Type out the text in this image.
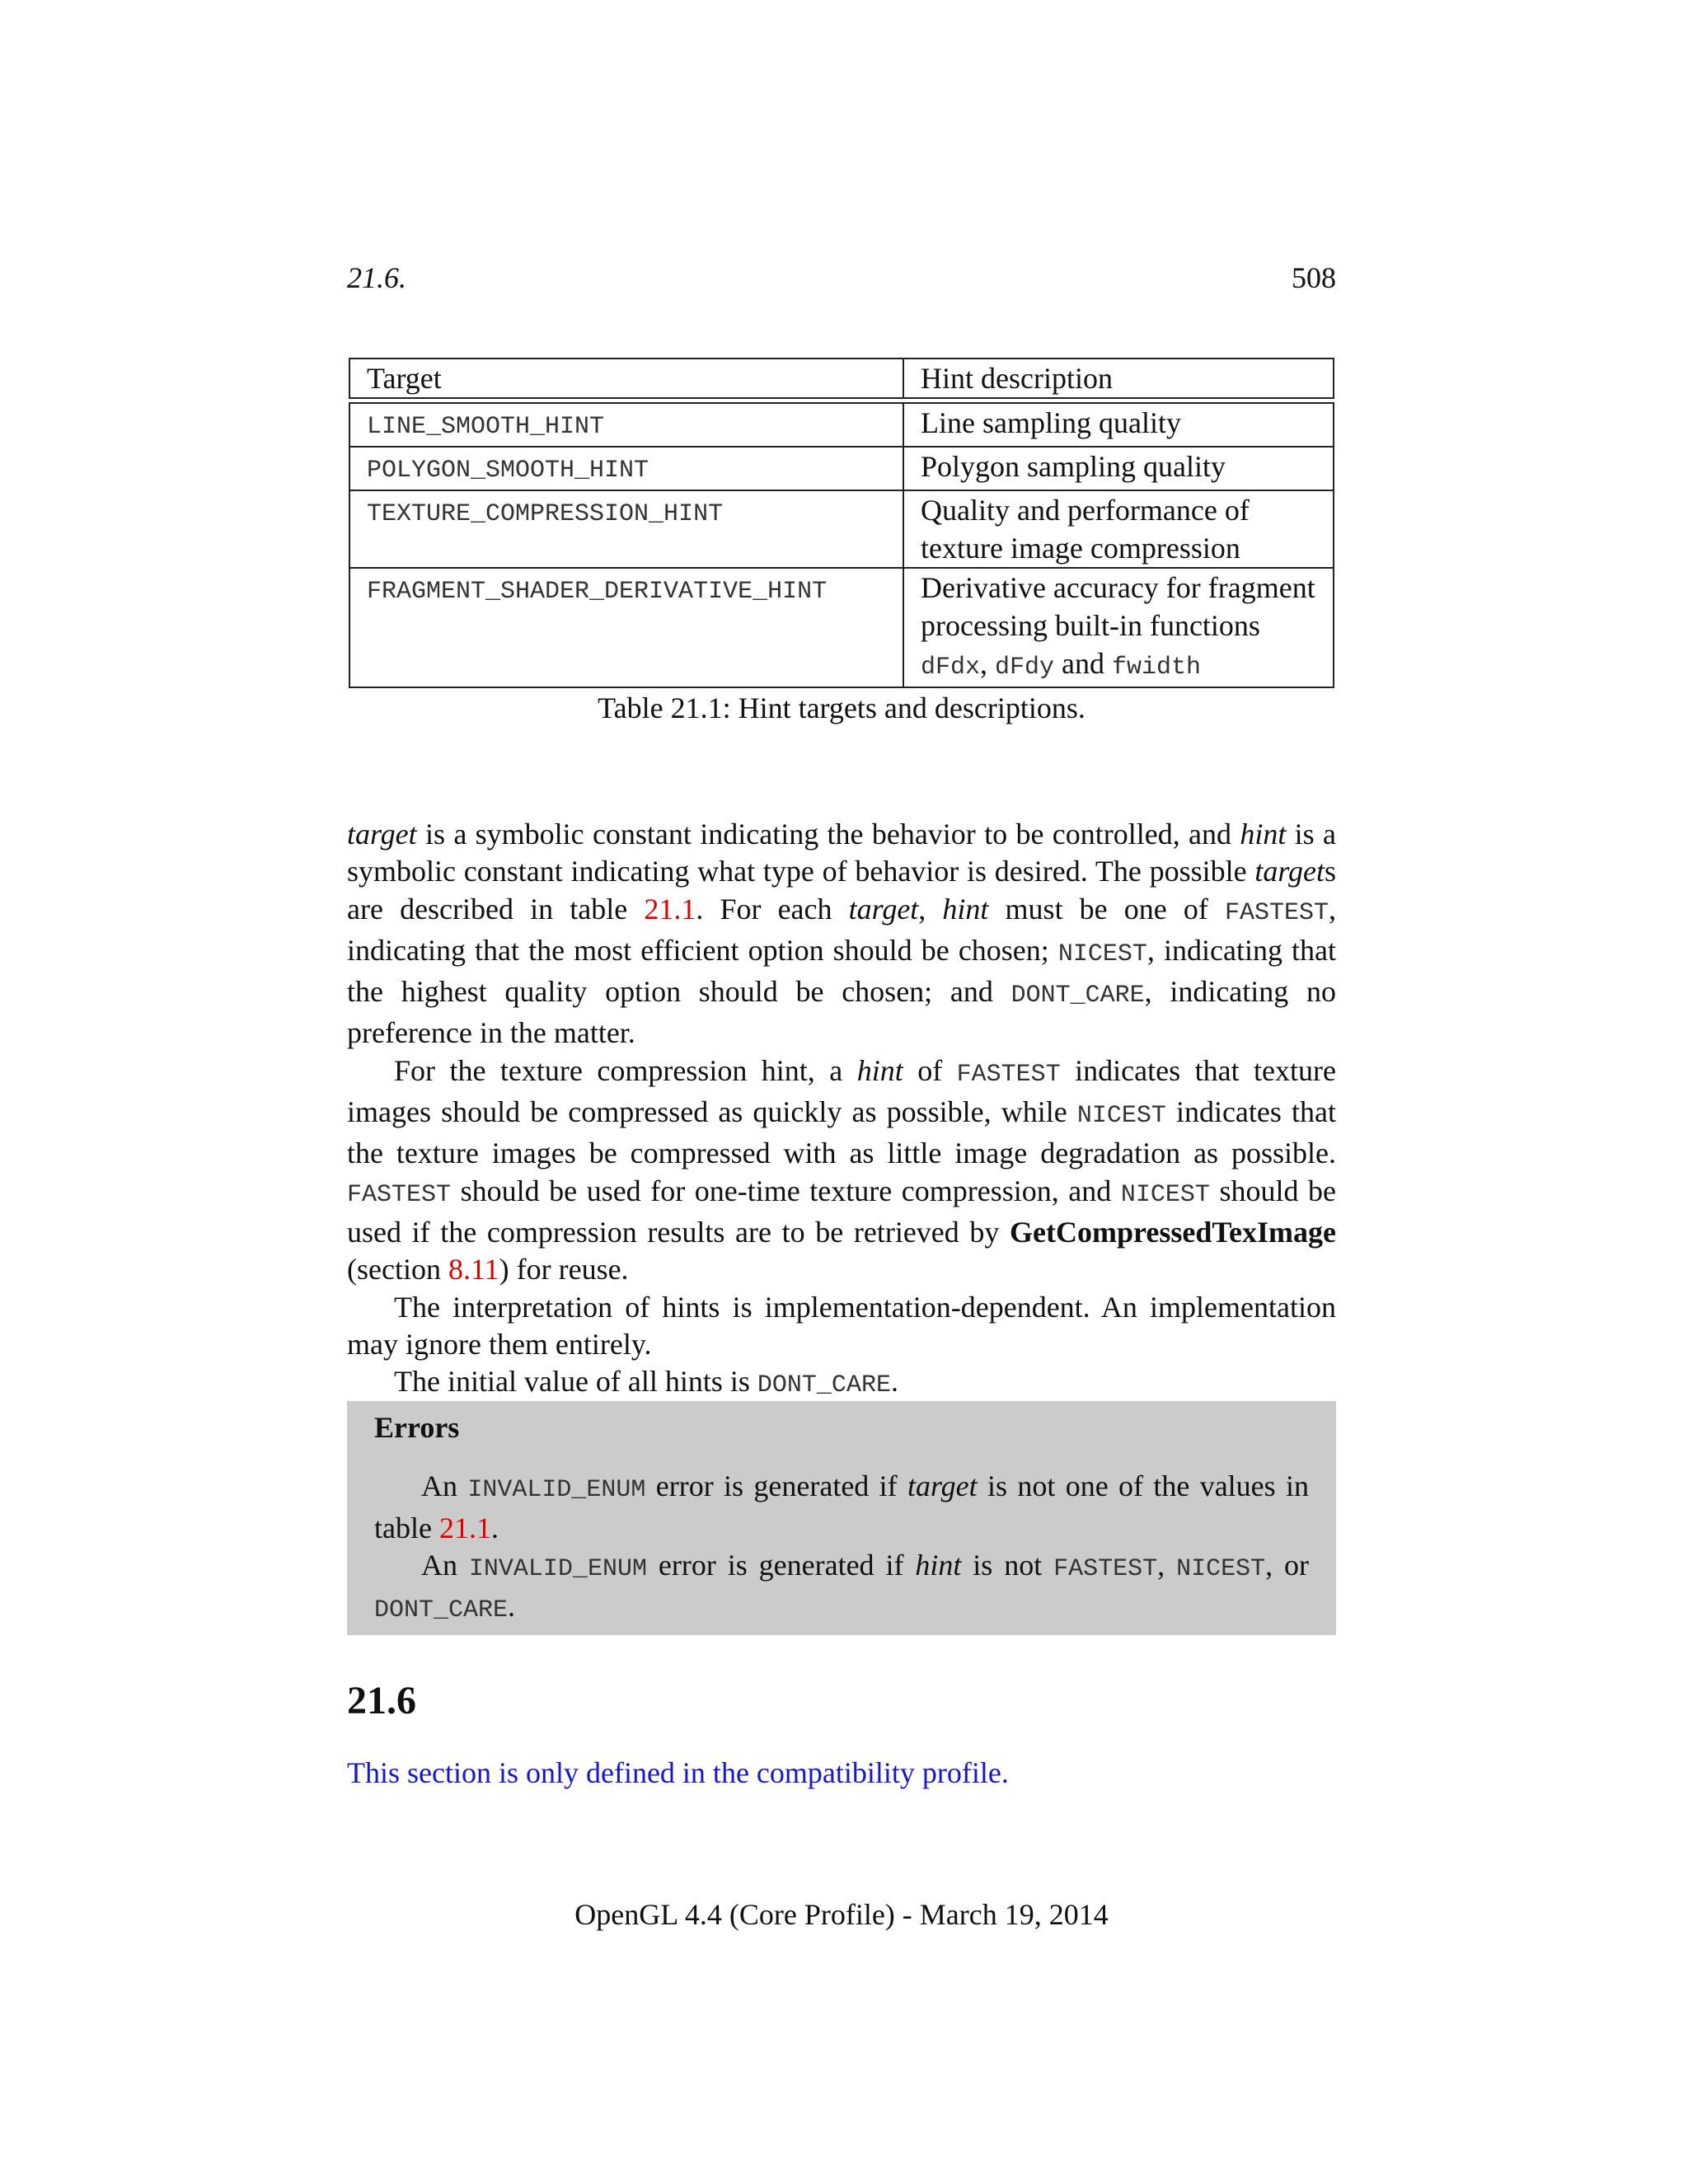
21.6.	508
Target	Hint description

LINE_SMOOTH_HINT	Line sampling quality
POLYGON_SMOOTH_HINT	Polygon sampling quality
TEXTURE_COMPRESSION_HINT	Quality and performance of texture image compression
FRAGMENT_SHADER_DERIVATIVE_HINT	Derivative accuracy for fragment processing built-in functions
dFdx, dFdy and fwidth
Table 21.1: Hint targets and descriptions.

target is a symbolic constant indicating the behavior to be controlled, and hint is a symbolic constant indicating what type of behavior is desired. The possible targets are described in table 21.1. For each target, hint must be one of FASTEST, indicating that the most efficient option should be chosen; NICEST, indicating that the highest quality option should be chosen; and DONT_CARE, indicating no preference in the matter.

For the texture compression hint, a hint of FASTEST indicates that texture images should be compressed as quickly as possible, while NICEST indicates that the texture images be compressed with as little image degradation as possible. FASTEST should be used for one-time texture compression, and NICEST should be used if the compression results are to be retrieved by GetCompressedTexImage (section 8.11) for reuse.

The interpretation of hints is implementation-dependent. An implementation may ignore them entirely.

The initial value of all hints is DONT_CARE.

Errors

An INVALID_ENUM error is generated if target is not one of the values in table 21.1.

An INVALID_ENUM error is generated if hint is not FASTEST, NICEST, or DONT_CARE.

21.6
This section is only defined in the compatibility profile.
OpenGL 4.4 (Core Profile) - March 19, 2014
